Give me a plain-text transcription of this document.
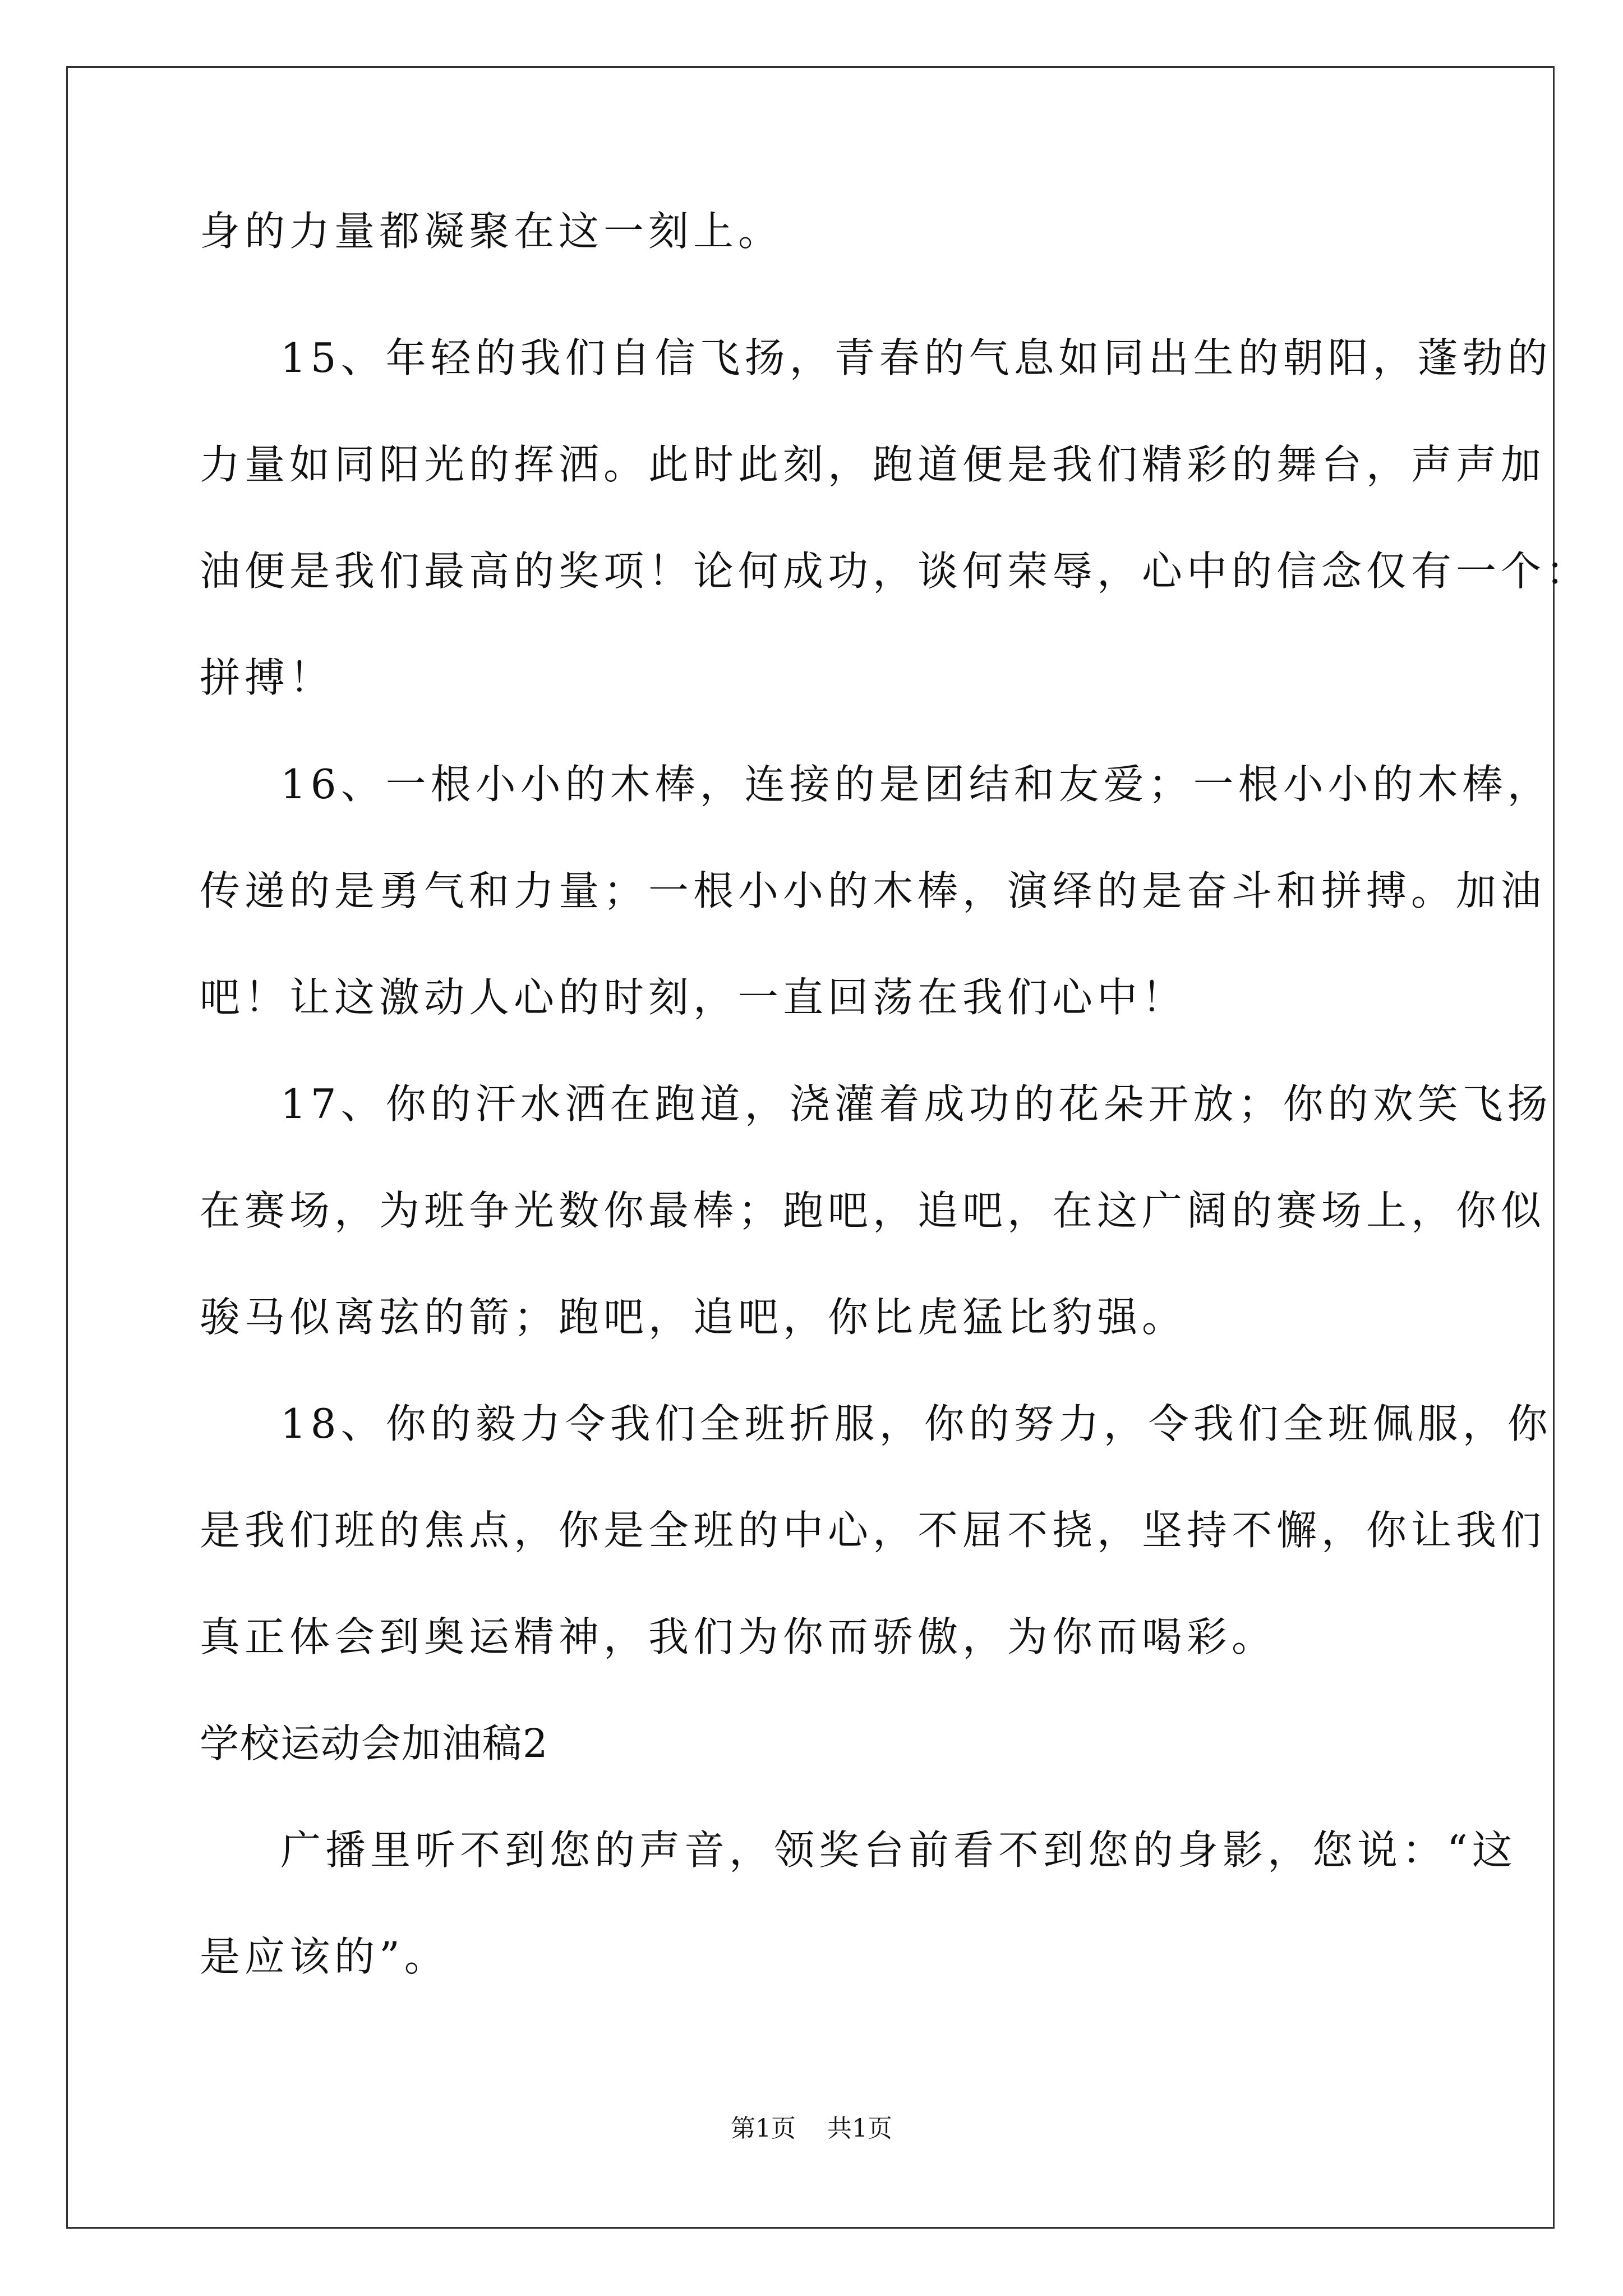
身的力量都凝聚在这一刻上。
15、年轻的我们自信飞扬，青春的气息如同出生的朝阳，蓬勃的
力量如同阳光的挥洒。此时此刻，跑道便是我们精彩的舞台，声声加
油便是我们最高的奖项！论何成功，谈何荣辱，心中的信念仅有一个：
拼搏！
16、一根小小的木棒，连接的是团结和友爱；一根小小的木棒，
传递的是勇气和力量；一根小小的木棒，演绎的是奋斗和拼搏。加油
吧！让这激动人心的时刻，一直回荡在我们心中！
17、你的汗水洒在跑道，浇灌着成功的花朵开放；你的欢笑飞扬
在赛场，为班争光数你最棒；跑吧，追吧，在这广阔的赛场上，你似
骏马似离弦的箭；跑吧，追吧，你比虎猛比豹强。
18、你的毅力令我们全班折服，你的努力，令我们全班佩服，你
是我们班的焦点，你是全班的中心，不屈不挠，坚持不懈，你让我们
真正体会到奥运精神，我们为你而骄傲，为你而喝彩。
学校运动会加油稿2
广播里听不到您的声音，领奖台前看不到您的身影，您说：“这
是应该的”。
第1页 共1页
